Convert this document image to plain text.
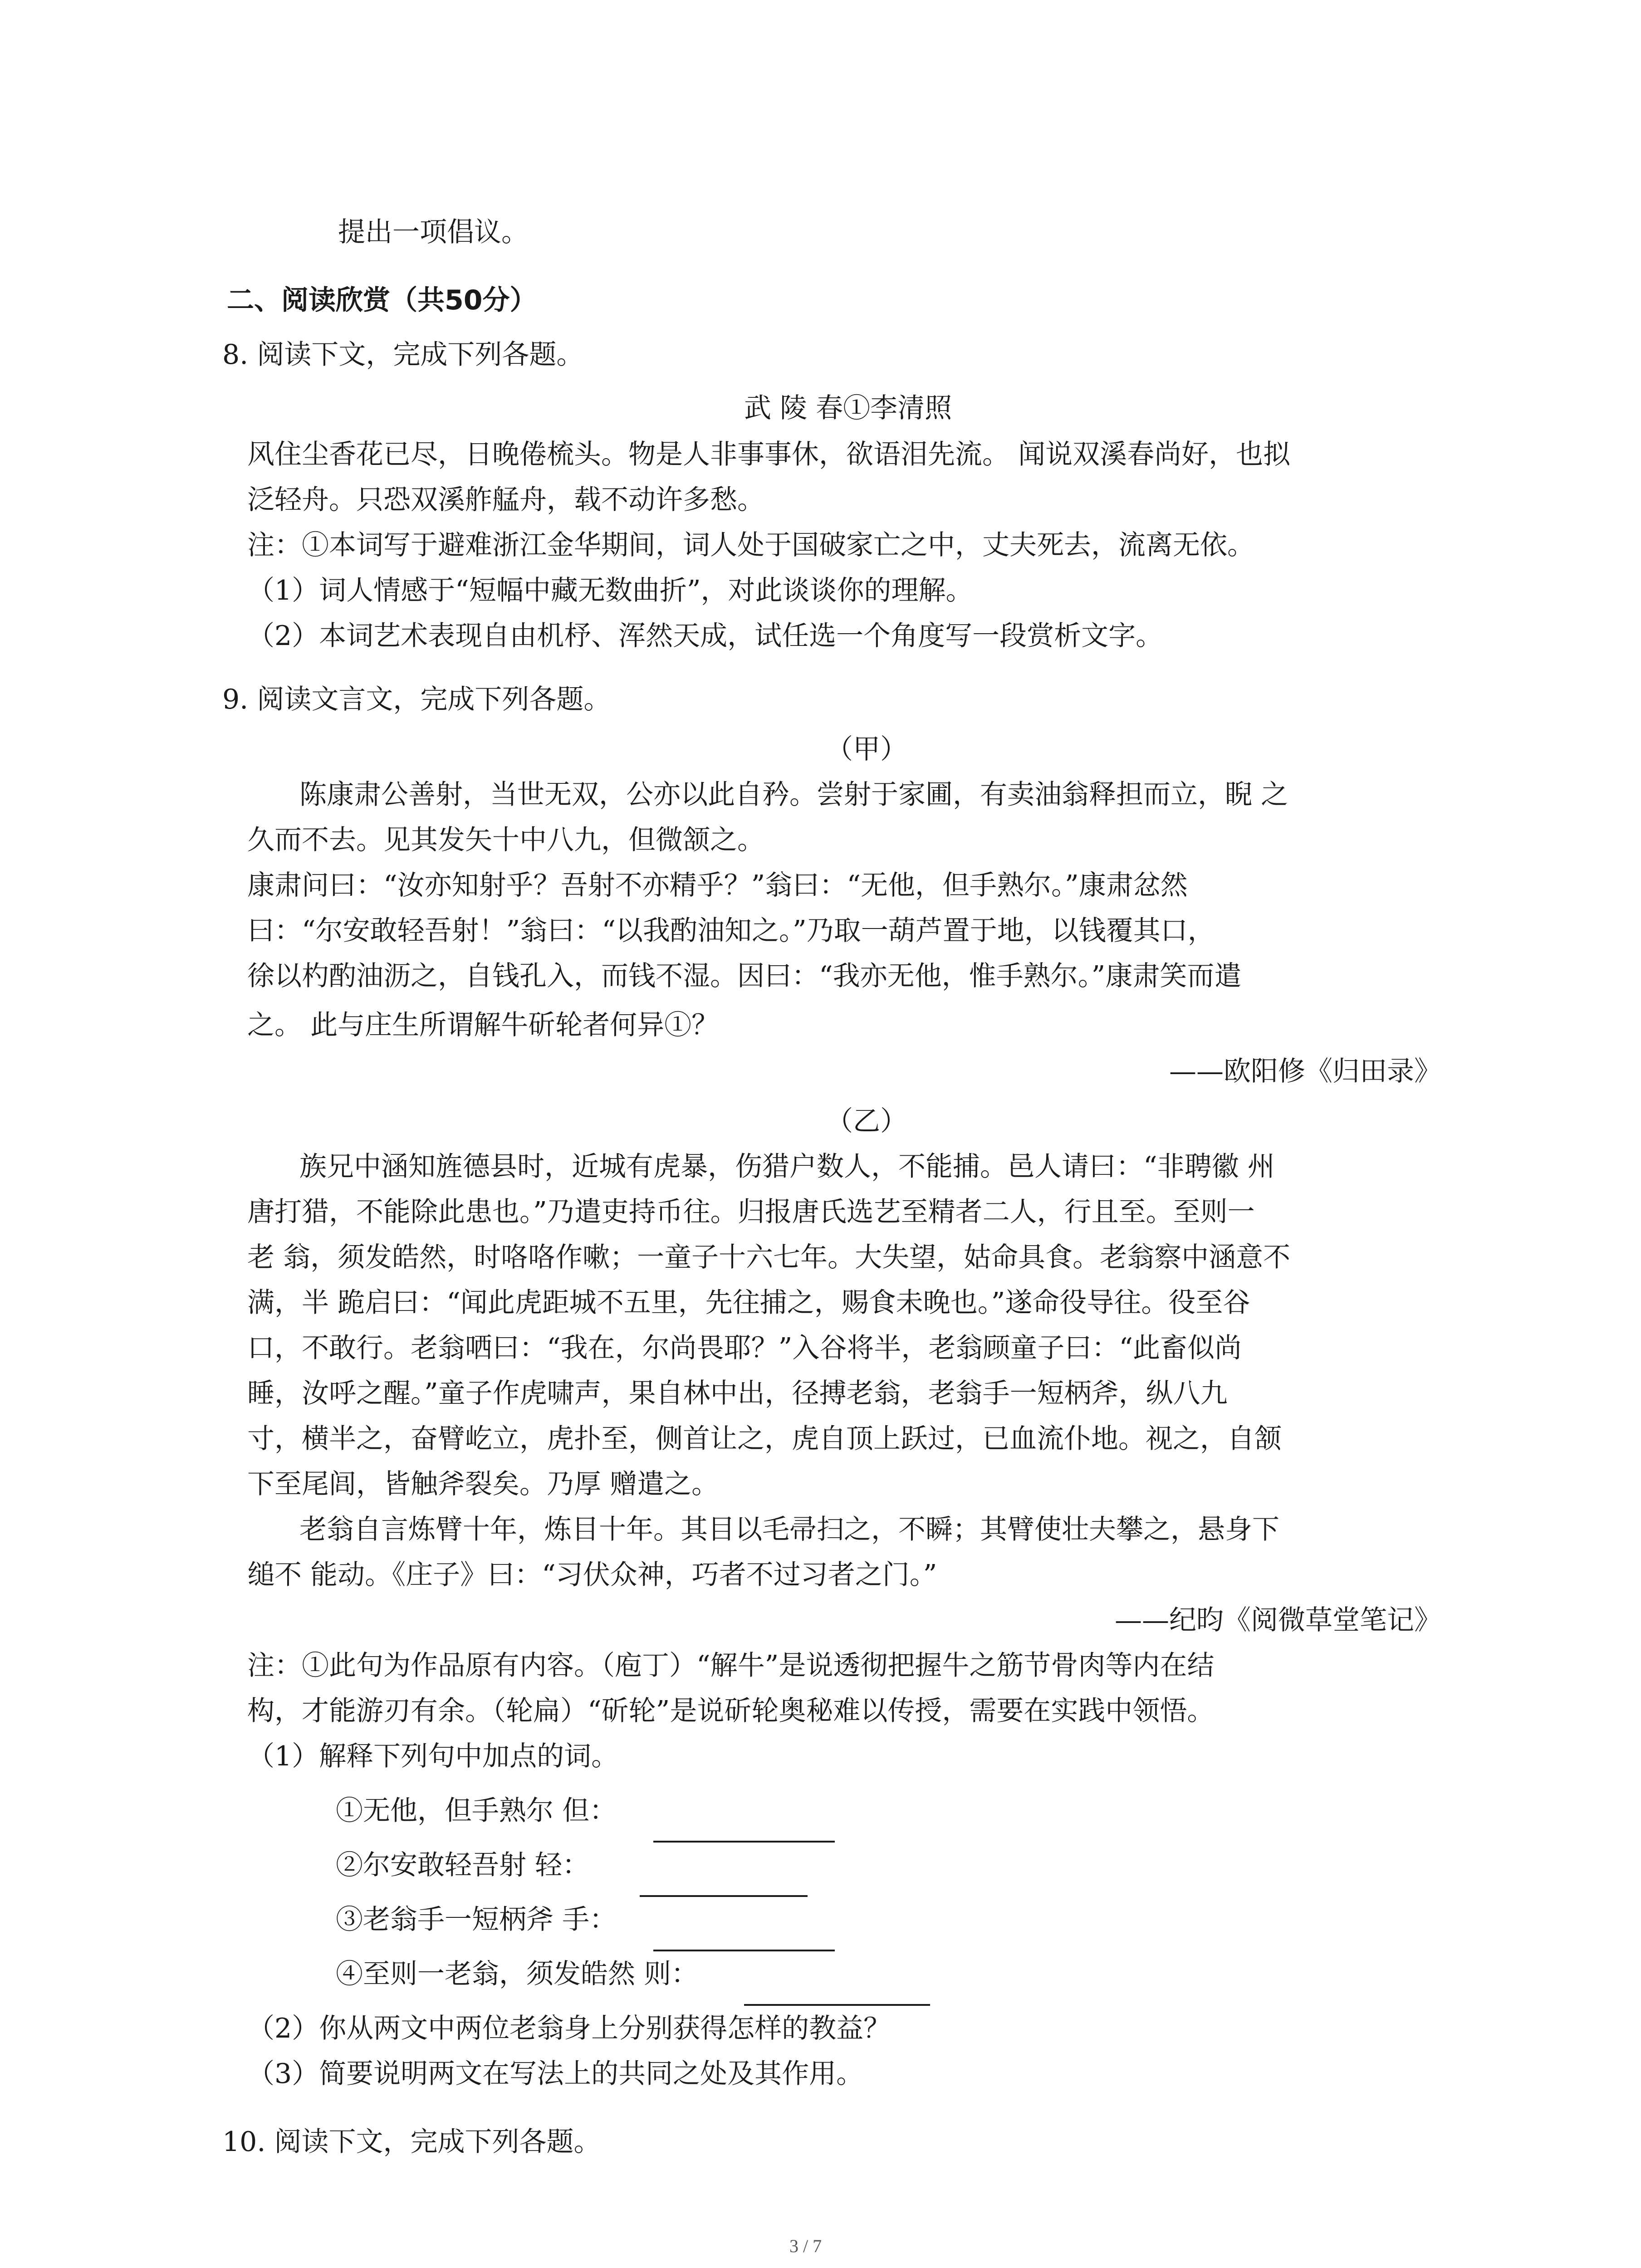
提出一项倡议。

二、阅读欣赏（共50分）

8. 阅读下文，完成下列各题。

武 陵 春①李清照

风住尘香花已尽，日晚倦梳头。物是人非事事休，欲语泪先流。 闻说双溪春尚好，也拟

泛轻舟。只恐双溪舴艋舟，载不动许多愁。

注：①本词写于避难浙江金华期间，词人处于国破家亡之中，丈夫死去，流离无依。

（1）词人情感于“短幅中藏无数曲折”，对此谈谈你的理解。

（2）本词艺术表现自由机杼、浑然天成，试任选一个角度写一段赏析文字。

9. 阅读文言文，完成下列各题。

（甲）

陈康肃公善射，当世无双，公亦以此自矜。尝射于家圃，有卖油翁释担而立，睨 之

久而不去。见其发矢十中八九，但微颔之。

康肃问曰：“汝亦知射乎？吾射不亦精乎？”翁曰：“无他，但手熟尔。”康肃忿然

曰：“尔安敢轻吾射！”翁曰：“以我酌油知之。”乃取一葫芦置于地，以钱覆其口，

徐以杓酌油沥之，自钱孔入，而钱不湿。因曰：“我亦无他，惟手熟尔。”康肃笑而遣

之。 此与庄生所谓解牛斫轮者何异①？

——欧阳修《归田录》

（乙）

族兄中涵知旌德县时，近城有虎暴，伤猎户数人，不能捕。邑人请曰：“非聘徽 州

唐打猎，不能除此患也。”乃遣吏持币往。归报唐氏选艺至精者二人，行且至。至则一

老 翁，须发皓然，时咯咯作嗽；一童子十六七年。大失望，姑命具食。老翁察中涵意不

满，半 跪启曰：“闻此虎距城不五里，先往捕之，赐食未晚也。”遂命役导往。役至谷

口，不敢行。老翁哂曰：“我在，尔尚畏耶？”入谷将半，老翁顾童子曰：“此畜似尚

睡，汝呼之醒。”童子作虎啸声，果自林中出，径搏老翁，老翁手一短柄斧，纵八九

寸，横半之，奋臂屹立，虎扑至，侧首让之，虎自顶上跃过，已血流仆地。视之，自颔

下至尾闾，皆触斧裂矣。乃厚 赠遣之。

老翁自言炼臂十年，炼目十年。其目以毛帚扫之，不瞬；其臂使壮夫攀之，悬身下

缒不 能动。《庄子》曰：“习伏众神，巧者不过习者之门。”

——纪昀《阅微草堂笔记》

注：①此句为作品原有内容。（庖丁）“解牛”是说透彻把握牛之筋节骨肉等内在结

构，才能游刃有余。（轮扁）“斫轮”是说斫轮奥秘难以传授，需要在实践中领悟。

（1）解释下列句中加点的词。

①无他，但手熟尔 但：

②尔安敢轻吾射 轻：

③老翁手一短柄斧 手：

④至则一老翁，须发皓然 则：

（2）你从两文中两位老翁身上分别获得怎样的教益？

（3）简要说明两文在写法上的共同之处及其作用。

10. 阅读下文，完成下列各题。

3 / 7
